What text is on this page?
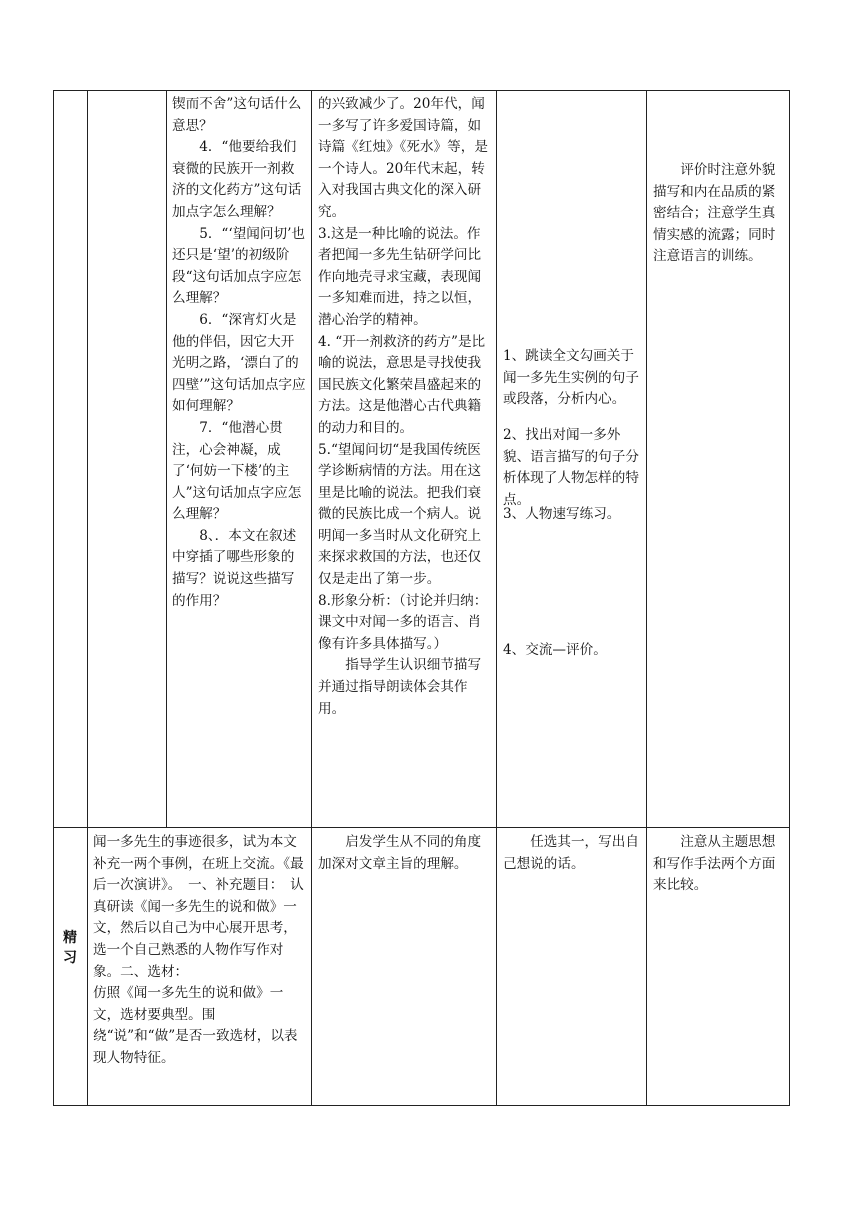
锲而不舍”这句话什么意思？

4．“他要给我们衰微的民族开一剂救济的文化药方”这句话加点字怎么理解？

5．“‘望闻问切’也还只是‘望’的初级阶段“这句话加点字应怎么理解？

6．“深宵灯火是他的伴侣，因它大开光明之路，‘漂白了的四壁’”这句话加点字应如何理解？

7．“他潜心贯注，心会神凝，成了‘何妨一下楼’的主人”这句话加点字应怎么理解？

8、．本文在叙述中穿插了哪些形象的描写？说说这些描写的作用？

的兴致减少了。20年代，闻一多写了许多爱国诗篇，如诗篇《红烛》《死水》等，是一个诗人。20年代末起，转入对我国古典文化的深入研究。

3.这是一种比喻的说法。作者把闻一多先生钻研学问比作向地壳寻求宝藏，表现闻一多知难而进，持之以恒，潜心治学的精神。

4. “开一剂救济的药方”是比喻的说法，意思是寻找使我国民族文化繁荣昌盛起来的方法。这是他潜心古代典籍的动力和目的。

5.“望闻问切“是我国传统医学诊断病情的方法。用在这里是比喻的说法。把我们衰微的民族比成一个病人。说明闻一多当时从文化研究上来探求救国的方法，也还仅仅是走出了第一步。

8.形象分析：（讨论并归纳：课文中对闻一多的语言、肖像有许多具体描写。）

指导学生认识细节描写并通过指导朗读体会其作用。

1、跳读全文勾画关于闻一多先生实例的句子或段落，分析内心。
2、找出对闻一多外貌、语言描写的句子分析体现了人物怎样的特点。
3、人物速写练习。
4、交流—评价。
评价时注意外貌描写和内在品质的紧密结合；注意学生真情实感的流露；同时注意语言的训练。
精
习

闻一多先生的事迹很多，试为本文补充一两个事例，在班上交流。《最后一次演讲》。　一、补充题目：　认真研读《闻一多先生的说和做》一文，然后以自己为中心展开思考，选一个自己熟悉的人物作写作对象。二、选材：

仿照《闻一多先生的说和做》一文，选材要典型。围绕“说”和“做”是否一致选材，以表现人物特征。

启发学生从不同的角度加深对文章主旨的理解。
任选其一，写出自己想说的话。
注意从主题思想和写作手法两个方面来比较。
